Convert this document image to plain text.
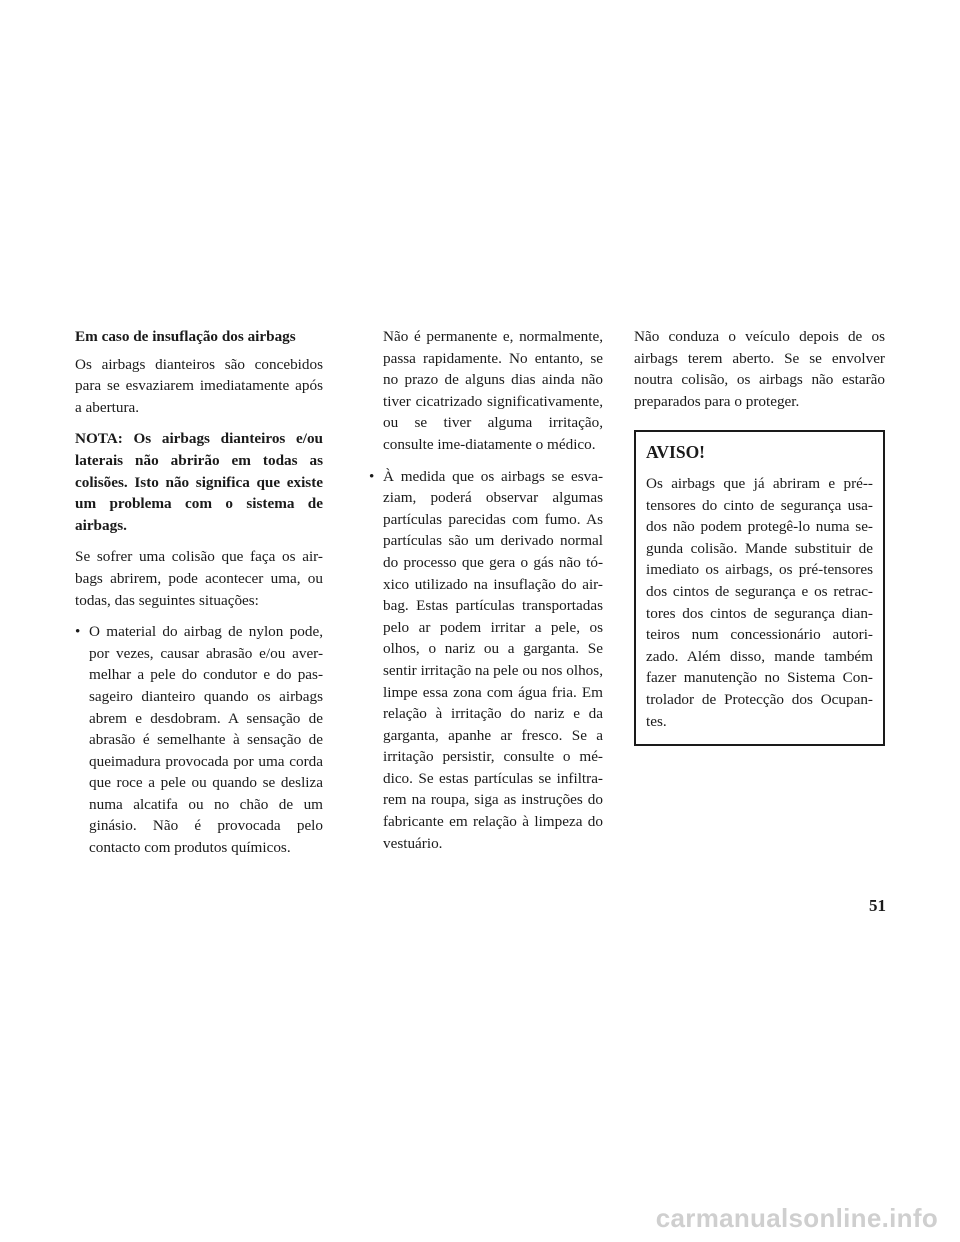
Em caso de insuflação dos airbags

Os airbags dianteiros são concebidos para se esvaziarem imediatamente após a abertura.

NOTA: Os airbags dianteiros e/ou laterais não abrirão em todas as colisões. Isto não significa que existe um problema com o sistema de airbags.

Se sofrer uma colisão que faça os air-bags abrirem, pode acontecer uma, ou todas, das seguintes situações:

• O material do airbag de nylon pode, por vezes, causar abrasão e/ou aver-melhar a pele do condutor e do pas-sageiro dianteiro quando os airbags abrem e desdobram. A sensação de abrasão é semelhante à sensação de queimadura provocada por uma corda que roce a pele ou quando se desliza numa alcatifa ou no chão de um ginásio. Não é provocada pelo contacto com produtos químicos.

Não é permanente e, normalmente, passa rapidamente. No entanto, se no prazo de alguns dias ainda não tiver cicatrizado significativamente, ou se tiver alguma irritação, consulte ime-diatamente o médico.

• À medida que os airbags se esva-ziam, poderá observar algumas partículas parecidas com fumo. As partículas são um derivado normal do processo que gera o gás não tó-xico utilizado na insuflação do air-bag. Estas partículas transportadas pelo ar podem irritar a pele, os olhos, o nariz ou a garganta. Se sentir irritação na pele ou nos olhos, limpe essa zona com água fria. Em relação à irritação do nariz e da garganta, apanhe ar fresco. Se a irritação persistir, consulte o mé-dico. Se estas partículas se infiltra-rem na roupa, siga as instruções do fabricante em relação à limpeza do vestuário.

Não conduza o veículo depois de os airbags terem aberto. Se se envolver noutra colisão, os airbags não estarão preparados para o proteger.

AVISO!

Os airbags que já abriram e pré--tensores do cinto de segurança usa-dos não podem protegê-lo numa se-gunda colisão. Mande substituir de imediato os airbags, os pré-tensores dos cintos de segurança e os retrac-tores dos cintos de segurança dian-teiros num concessionário autori-zado. Além disso, mande também fazer manutenção no Sistema Con-trolador de Protecção dos Ocupan-tes.

51
carmanualsonline.info
